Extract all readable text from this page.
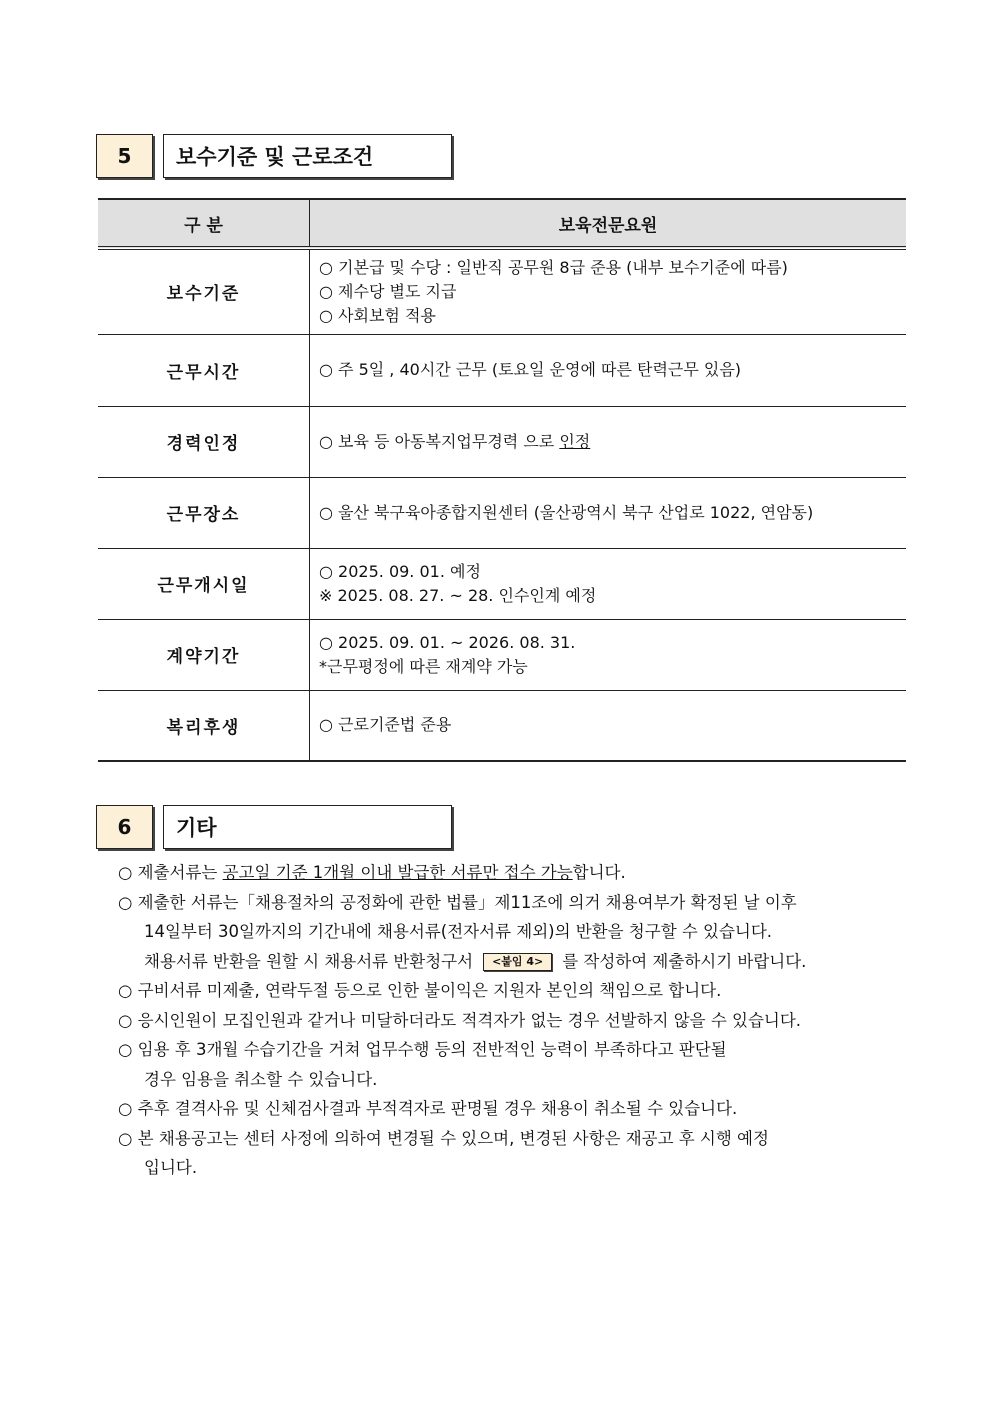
5	보수기준 및 근로조건
구 분	보육전문요원
보수기준	○ 기본급 및 수당 : 일반직 공무원 8급 준용 (내부 보수기준에 따름)
○ 제수당 별도 지급
○ 사회보험 적용

근무시간	○ 주 5일 , 40시간 근무 (토요일 운영에 따른 탄력근무 있음)

경력인정	○ 보육 등 아동복지업무경력 으로 인정
근무장소	○ 울산 북구육아종합지원센터 (울산광역시 북구 산업로 1022, 연암동)

근무개시일	○ 2025. 09. 01. 예정
※ 2025. 08. 27. ~ 28. 인수인계 예정

계약기간	○ 2025. 09. 01. ~ 2026. 08. 31.
*근무평정에 따른 재계약 가능

복리후생	○ 근로기준법 준용
6	기타

○ 제출서류는 공고일 기준 1개월 이내 발급한 서류만 접수 가능합니다.

○ 제출한 서류는「채용절차의 공정화에 관한 법률」제11조에 의거 채용여부가 확정된 날 이후

14일부터 30일까지의 기간내에 채용서류(전자서류 제외)의 반환을 청구할 수 있습니다.

채용서류 반환을 원할 시 채용서류 반환청구서 <붙임 4> 를 작성하여 제출하시기 바랍니다.

○ 구비서류 미제출, 연락두절 등으로 인한 불이익은 지원자 본인의 책임으로 합니다.

○ 응시인원이 모집인원과 같거나 미달하더라도 적격자가 없는 경우 선발하지 않을 수 있습니다.

○ 임용 후 3개월 수습기간을 거쳐 업무수행 등의 전반적인 능력이 부족하다고 판단될

경우 임용을 취소할 수 있습니다.

○ 추후 결격사유 및 신체검사결과 부적격자로 판명될 경우 채용이 취소될 수 있습니다.

○ 본 채용공고는 센터 사정에 의하여 변경될 수 있으며, 변경된 사항은 재공고 후 시행 예정

입니다.
